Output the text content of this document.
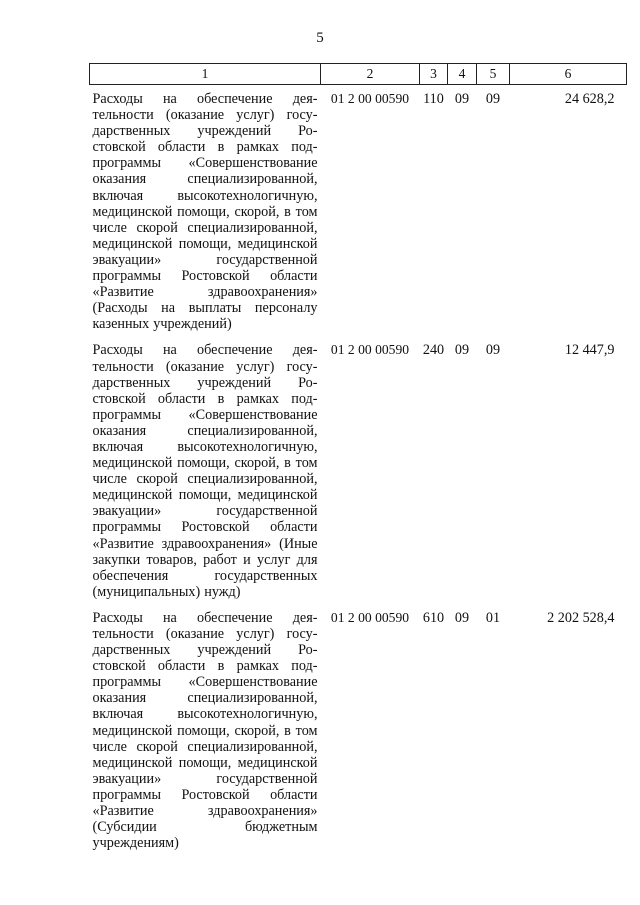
5
1	2	3	4	5	6
Расходы на обеспечение деятельности (оказание услуг) государственных учреждений Ростовской области в рамках подпрограммы «Совершенствование оказания специализированной, включая высокотехнологичную, медицинской помощи, скорой, в том числе скорой специализированной, медицинской помощи, медицинской эвакуации» государственной программы Ростовской области «Развитие здравоохранения» (Расходы на выплаты персоналу казенных учреждений)	01 2 00 00590	110	09	09	24 628,2
Расходы на обеспечение деятельности (оказание услуг) государственных учреждений Ростовской области в рамках подпрограммы «Совершенствование оказания специализированной, включая высокотехнологичную, медицинской помощи, скорой, в том числе скорой специализированной, медицинской помощи, медицинской эвакуации» государственной программы Ростовской области «Развитие здравоохранения» (Иные закупки товаров, работ и услуг для обеспечения государственных (муниципальных) нужд)	01 2 00 00590	240	09	09	12 447,9
Расходы на обеспечение деятельности (оказание услуг) государственных учреждений Ростовской области в рамках подпрограммы «Совершенствование оказания специализированной, включая высокотехнологичную, медицинской помощи, скорой, в том числе скорой специализированной, медицинской помощи, медицинской эвакуации» государственной программы Ростовской области «Развитие здравоохранения» (Субсидии бюджетным учреждениям)	01 2 00 00590	610	09	01	2 202 528,4
